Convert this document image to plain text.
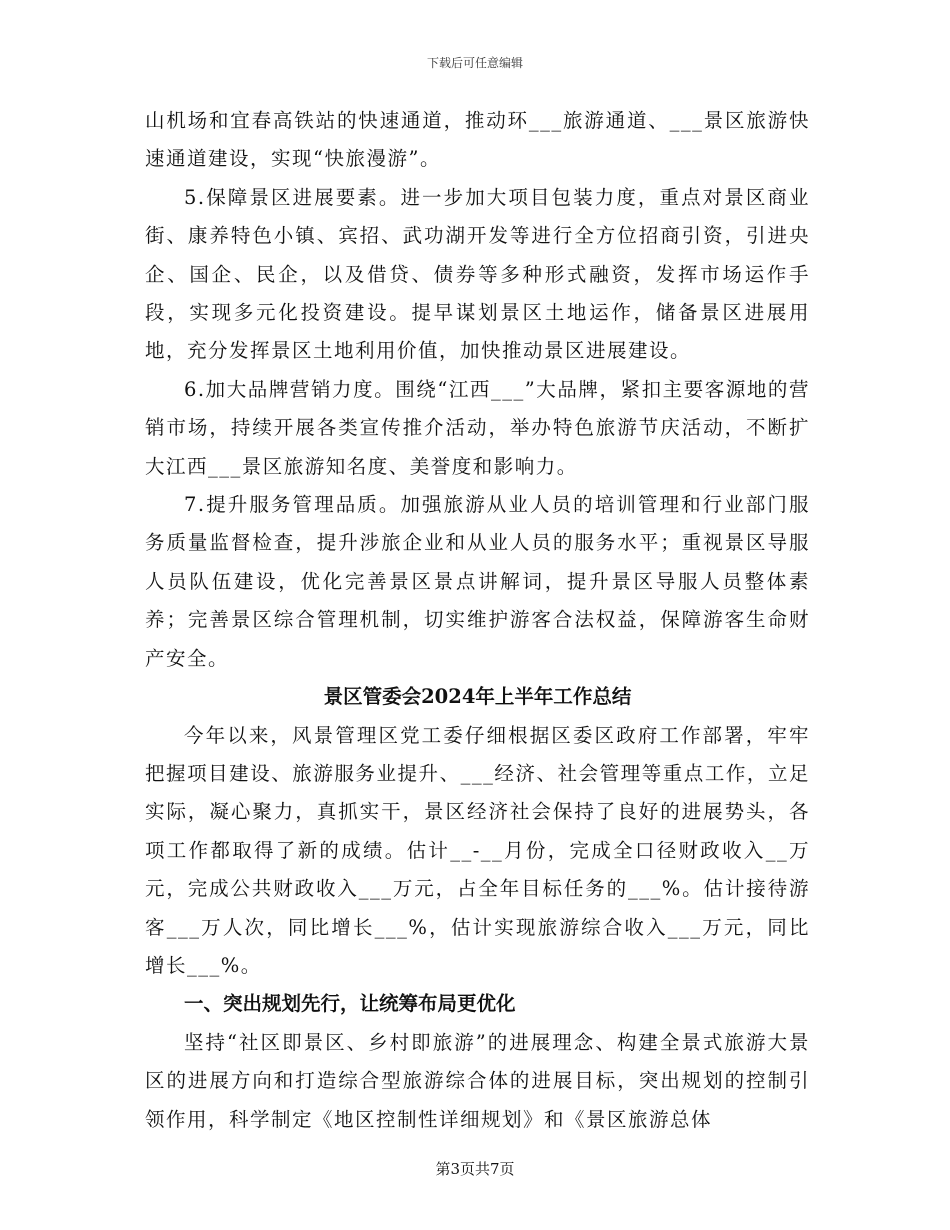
下载后可任意编辑

山机场和宜春高铁站的快速通道，推动环___旅游通道、___景区旅游快速通道建设，实现“快旅漫游”。

5.保障景区进展要素。进一步加大项目包装力度，重点对景区商业街、康养特色小镇、宾招、武功湖开发等进行全方位招商引资，引进央企、国企、民企，以及借贷、债券等多种形式融资，发挥市场运作手段，实现多元化投资建设。提早谋划景区土地运作，储备景区进展用地，充分发挥景区土地利用价值，加快推动景区进展建设。

6.加大品牌营销力度。围绕“江西___”大品牌，紧扣主要客源地的营销市场，持续开展各类宣传推介活动，举办特色旅游节庆活动，不断扩大江西___景区旅游知名度、美誉度和影响力。

7.提升服务管理品质。加强旅游从业人员的培训管理和行业部门服务质量监督检查，提升涉旅企业和从业人员的服务水平；重视景区导服人员队伍建设，优化完善景区景点讲解词，提升景区导服人员整体素养；完善景区综合管理机制，切实维护游客合法权益，保障游客生命财产安全。

景区管委会2024年上半年工作总结

今年以来，风景管理区党工委仔细根据区委区政府工作部署，牢牢把握项目建设、旅游服务业提升、___经济、社会管理等重点工作，立足实际，凝心聚力，真抓实干，景区经济社会保持了良好的进展势头，各项工作都取得了新的成绩。估计__-__月份，完成全口径财政收入__万元，完成公共财政收入___万元，占全年目标任务的___%。估计接待游客___万人次，同比增长___%，估计实现旅游综合收入___万元，同比增长___%。

一、突出规划先行，让统筹布局更优化

坚持“社区即景区、乡村即旅游”的进展理念、构建全景式旅游大景区的进展方向和打造综合型旅游综合体的进展目标，突出规划的控制引领作用，科学制定《地区控制性详细规划》和《景区旅游总体

第3页共7页
